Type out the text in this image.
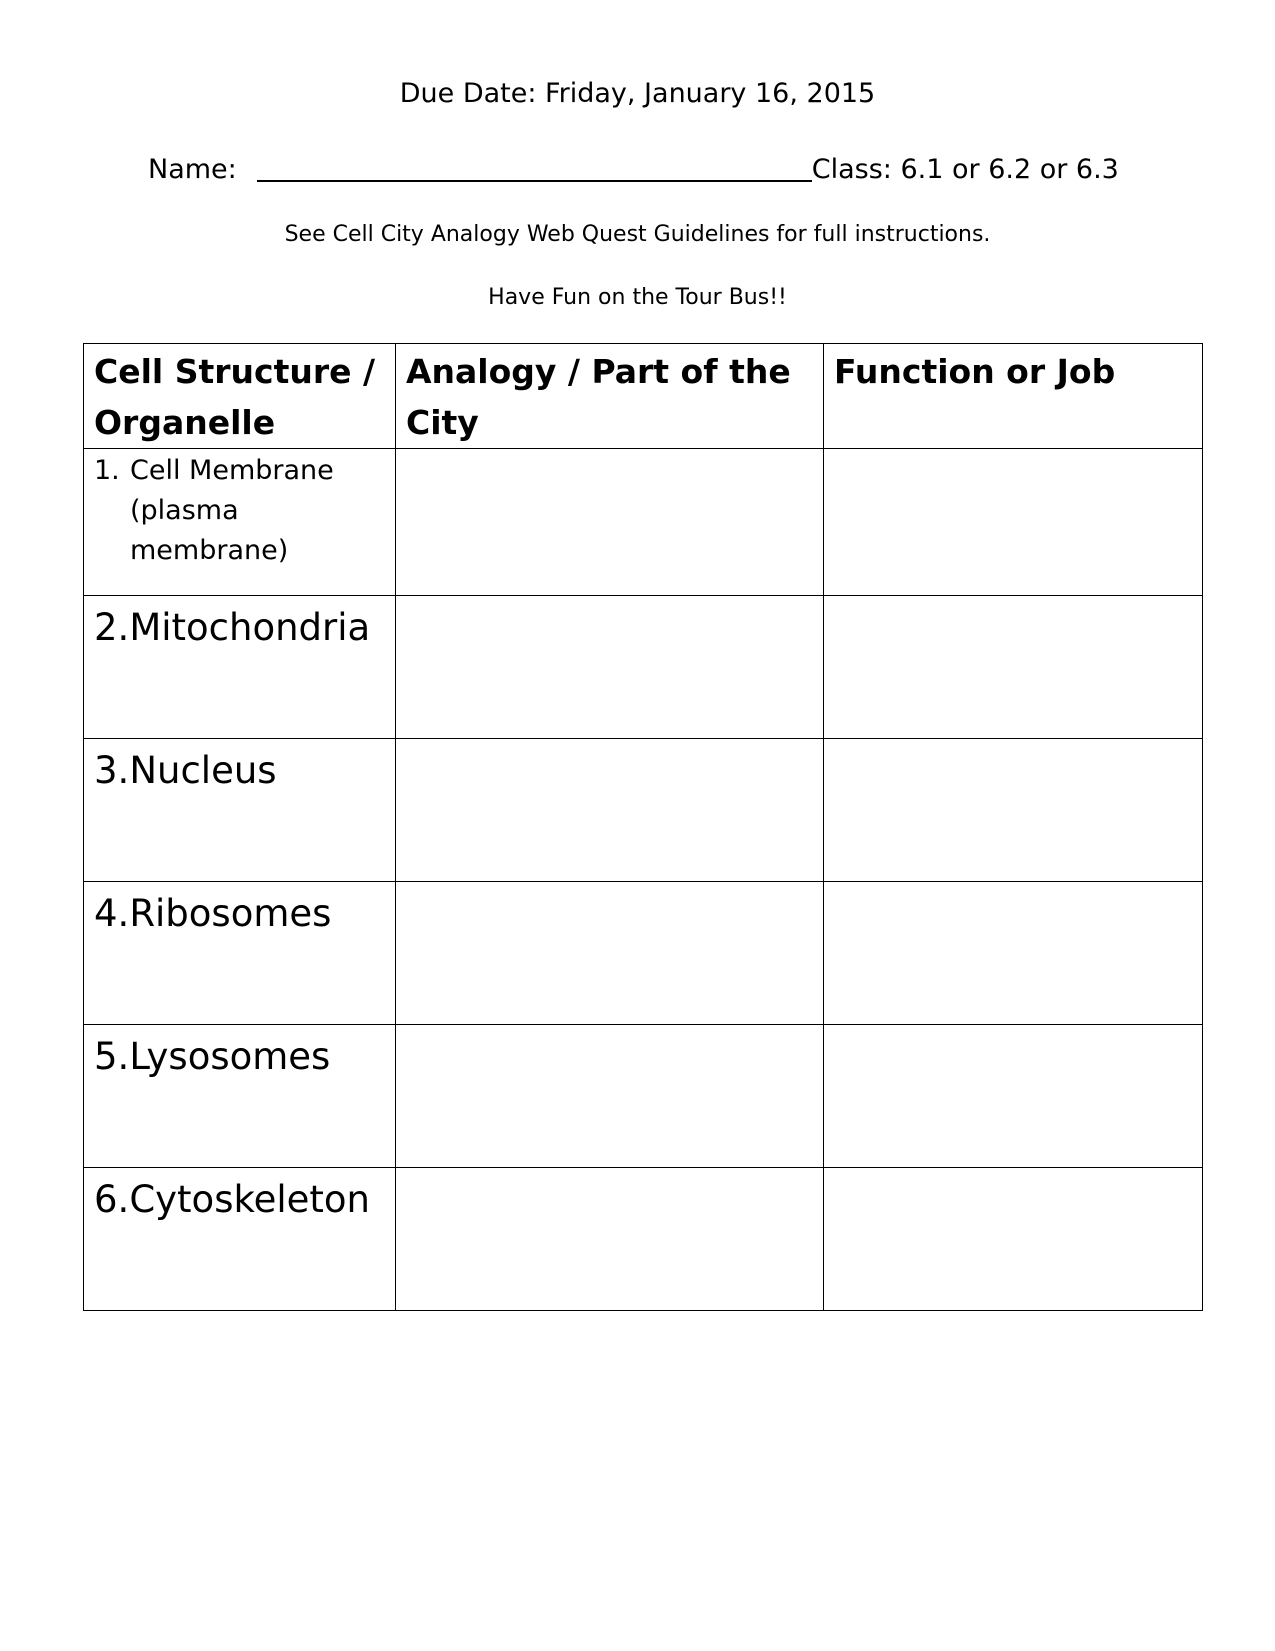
Due Date: Friday, January 16, 2015
Name:	Class: 6.1 or 6.2 or 6.3
See Cell City Analogy Web Quest Guidelines for full instructions.
Have Fun on the Tour Bus!!
Cell Structure / Organelle	Analogy / Part of the City	Function or Job

1. Cell Membrane (plasma membrane)		

2.Mitochondria		
3.Nucleus		
4.Ribosomes		
5.Lysosomes		
6.Cytoskeleton		
